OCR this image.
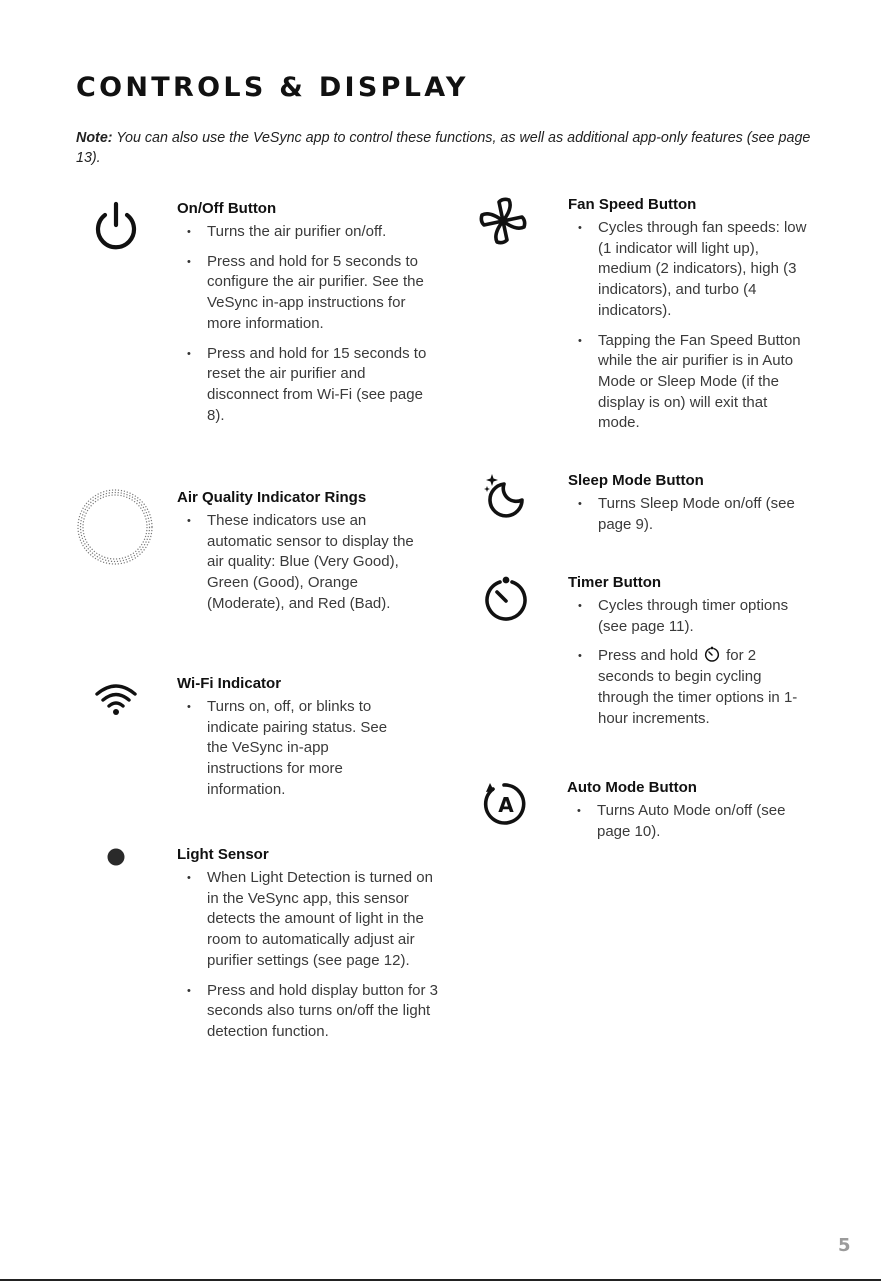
CONTROLS & DISPLAY
Note: You can also use the VeSync app to control these functions, as well as additional app-only features (see page 13).
On/Off Button
• Turns the air purifier on/off.
• Press and hold for 5 seconds to configure the air purifier. See the VeSync in-app instructions for more information.
• Press and hold for 15 seconds to reset the air purifier and disconnect from Wi-Fi (see page 8).
Air Quality Indicator Rings
• These indicators use an automatic sensor to display the air quality: Blue (Very Good), Green (Good), Orange (Moderate), and Red (Bad).
Wi-Fi Indicator
• Turns on, off, or blinks to indicate pairing status. See the VeSync in-app instructions for more information.
Light Sensor
• When Light Detection is turned on in the VeSync app, this sensor detects the amount of light in the room to automatically adjust air purifier settings (see page 12).
• Press and hold display button for 3 seconds also turns on/off the light detection function.
Fan Speed Button
• Cycles through fan speeds: low (1 indicator will light up), medium (2 indicators), high (3 indicators), and turbo (4 indicators).
• Tapping the Fan Speed Button while the air purifier is in Auto Mode or Sleep Mode (if the display is on) will exit that mode.
Sleep Mode Button
• Turns Sleep Mode on/off (see page 9).
Timer Button
• Cycles through timer options (see page 11).
• Press and hold for 2 seconds to begin cycling through the timer options in 1-hour increments.
A
Auto Mode Button
• Turns Auto Mode on/off (see page 10).
5
